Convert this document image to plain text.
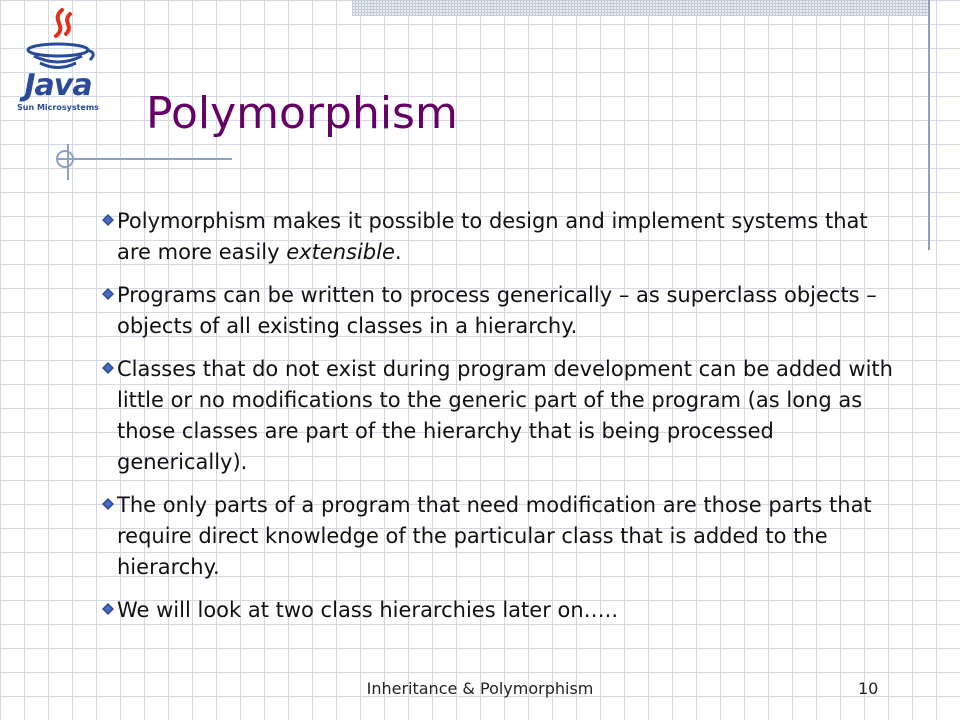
Java
Sun Microsystems Polymorphism
Polymorphism makes it possible to design and implement systems that are more easily extensible.
Programs can be written to process generically – as superclass objects – objects of all existing classes in a hierarchy.
Classes that do not exist during program development can be added with little or no modifications to the generic part of the program (as long as those classes are part of the hierarchy that is being processed generically).
The only parts of a program that need modification are those parts that require direct knowledge of the particular class that is added to the hierarchy.
We will look at two class hierarchies later on…..
Inheritance & Polymorphism	10
